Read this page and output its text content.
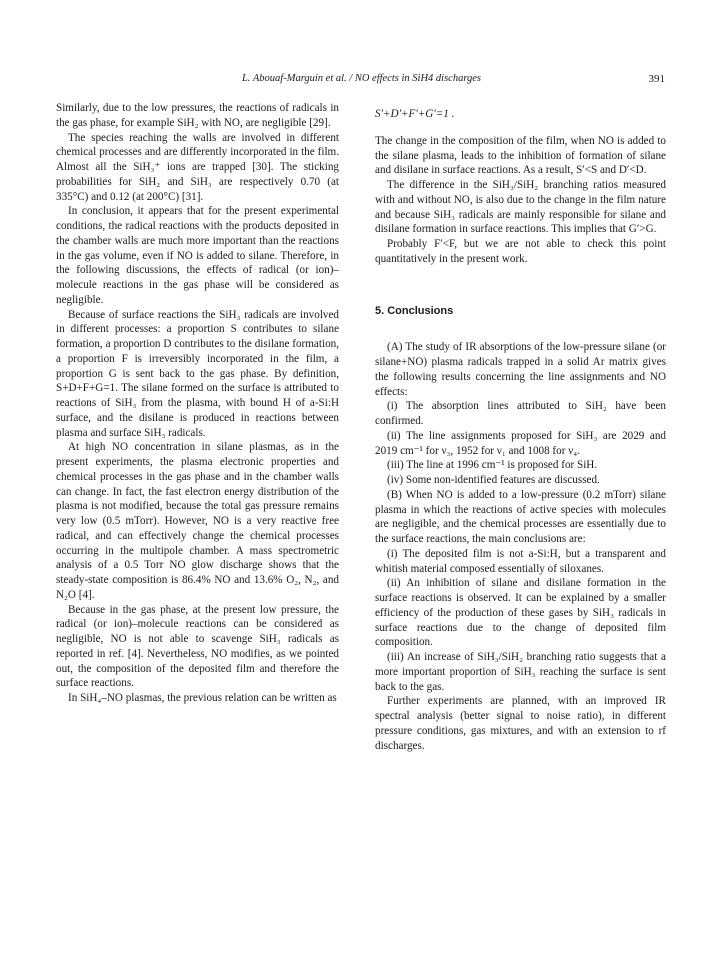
L. Abouaf-Marguin et al. / NO effects in SiH4 discharges	391

Similarly, due to the low pressures, the reactions of radicals in the gas phase, for example SiH₂ with NO, are negligible [29].

The species reaching the walls are involved in different chemical processes and are differently incorporated in the film. Almost all the SiH₃⁺ ions are trapped [30]. The sticking probabilities for SiH₂ and SiH₃ are respectively 0.70 (at 335°C) and 0.12 (at 200°C) [31].

In conclusion, it appears that for the present experimental conditions, the radical reactions with the products deposited in the chamber walls are much more important than the reactions in the gas volume, even if NO is added to silane. Therefore, in the following discussions, the effects of radical (or ion)–molecule reactions in the gas phase will be considered as negligible.

Because of surface reactions the SiH₃ radicals are involved in different processes: a proportion S contributes to silane formation, a proportion D contributes to the disilane formation, a proportion F is irreversibly incorporated in the film, a proportion G is sent back to the gas phase. By definition, S+D+F+G=1. The silane formed on the surface is attributed to reactions of SiH₃ from the plasma, with bound H of a-Si:H surface, and the disilane is produced in reactions between plasma and surface SiH₃ radicals.

At high NO concentration in silane plasmas, as in the present experiments, the plasma electronic properties and chemical processes in the gas phase and in the chamber walls can change. In fact, the fast electron energy distribution of the plasma is not modified, because the total gas pressure remains very low (0.5 mTorr). However, NO is a very reactive free radical, and can effectively change the chemical processes occurring in the multipole chamber. A mass spectrometric analysis of a 0.5 Torr NO glow discharge shows that the steady-state composition is 86.4% NO and 13.6% O₂, N₂, and N₂O [4].

Because in the gas phase, at the present low pressure, the radical (or ion)–molecule reactions can be considered as negligible, NO is not able to scavenge SiH₃ radicals as reported in ref. [4]. Nevertheless, NO modifies, as we pointed out, the composition of the deposited film and therefore the surface reactions.

In SiH₄–NO plasmas, the previous relation can be written as

S′+D′+F′+G′=1 .

The change in the composition of the film, when NO is added to the silane plasma, leads to the inhibition of formation of silane and disilane in surface reactions. As a result, S′<S and D′<D.

The difference in the SiH₃/SiH₂ branching ratios measured with and without NO, is also due to the change in the film nature and because SiH₃ radicals are mainly responsible for silane and disilane formation in surface reactions. This implies that G′>G.

Probably F′<F, but we are not able to check this point quantitatively in the present work.

5. Conclusions

(A) The study of IR absorptions of the low-pressure silane (or silane+NO) plasma radicals trapped in a solid Ar matrix gives the following results concerning the line assignments and NO effects:

(i) The absorption lines attributed to SiH₂ have been confirmed.

(ii) The line assignments proposed for SiH₃ are 2029 and 2019 cm⁻¹ for ν₃, 1952 for ν₁ and 1008 for ν₄.

(iii) The line at 1996 cm⁻¹ is proposed for SiH.

(iv) Some non-identified features are discussed.

(B) When NO is added to a low-pressure (0.2 mTorr) silane plasma in which the reactions of active species with molecules are negligible, and the chemical processes are essentially due to the surface reactions, the main conclusions are:

(i) The deposited film is not a-Si:H, but a transparent and whitish material composed essentially of siloxanes.

(ii) An inhibition of silane and disilane formation in the surface reactions is observed. It can be explained by a smaller efficiency of the production of these gases by SiH₃ radicals in surface reactions due to the change of deposited film composition.

(iii) An increase of SiH₃/SiH₂ branching ratio suggests that a more important proportion of SiH₃ reaching the surface is sent back to the gas.

Further experiments are planned, with an improved IR spectral analysis (better signal to noise ratio), in different pressure conditions, gas mixtures, and with an extension to rf discharges.
